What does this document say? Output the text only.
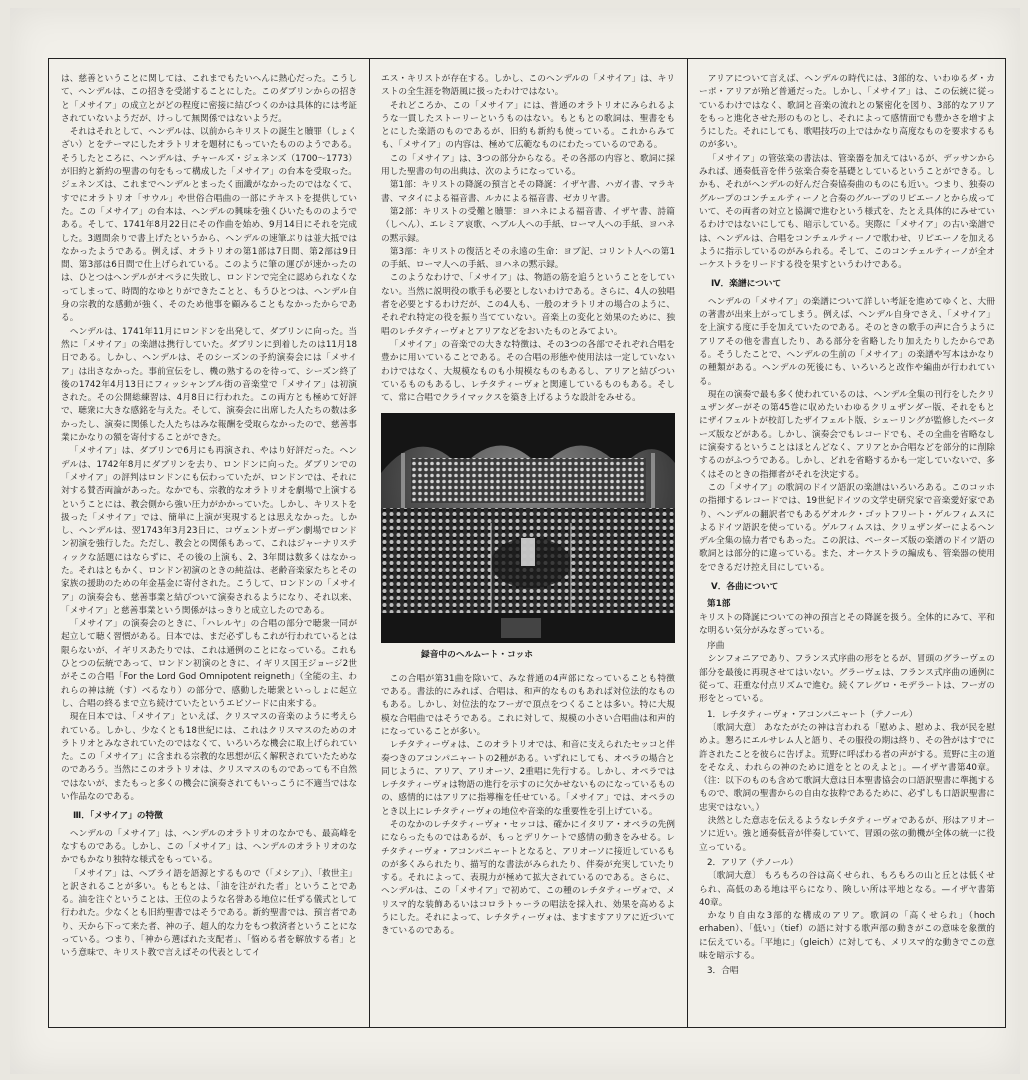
は、慈善ということに関しては、これまでもたいへんに熱心だった。こうして、ヘンデルは、この招きを受諾することにした。このダブリンからの招きと「メサイア」の成立とがどの程度に密接に結びつくのかは具体的には考証されていないようだが、けっして無関係ではないようだ。

それはそれとして、ヘンデルは、以前からキリストの誕生と贖罪（しょくざい）とをテーマにしたオラトリオを題材にもっていたもののようである。そうしたところに、ヘンデルは、チャールズ・ジェネンズ（1700〜1773）が旧約と新約の聖書の句をもって構成した「メサイア」の台本を受取った。ジェネンズは、これまでヘンデルとまったく面識がなかったのではなくて、すでにオラトリオ「サウル」や世俗合唱曲の一部にテキストを提供していた。この「メサイア」の台本は、ヘンデルの興味を強くひいたもののようである。そして、1741年8月22日にその作曲を始め、9月14日にそれを完成した。3週間余りで書上げたというから、ヘンデルの速筆ぶりは並大抵ではなかったようである。例えば、オラトリオの第1部は7日間、第2部は9日間、第3部は6日間で仕上げられている。このように筆の運びが速かったのは、ひとつはヘンデルがオペラに失敗し、ロンドンで完全に認められなくなってしまって、時間的なゆとりができたことと、もうひとつは、ヘンデル自身の宗教的な感動が強く、そのため他事を顧みることもなかったからである。

ヘンデルは、1741年11月にロンドンを出発して、ダブリンに向った。当然に「メサイア」の楽譜は携行していた。ダブリンに到着したのは11月18日である。しかし、ヘンデルは、そのシーズンの予約演奏会には「メサイア」は出さなかった。事前宣伝をし、機の熟するのを待って、シーズン終了後の1742年4月13日にフィッシャンブル街の音楽堂で「メサイア」は初演された。その公開総練習は、4月8日に行われた。この両方とも極めて好評で、聴衆に大きな感銘を与えた。そして、演奏会に出席した人たちの数は多かったし、演奏に関係した人たちはみな報酬を受取らなかったので、慈善事業にかなりの額を寄付することができた。

「メサイア」は、ダブリンで6月にも再演され、やはり好評だった。ヘンデルは、1742年8月にダブリンを去り、ロンドンに向った。ダブリンでの「メサイア」の評判はロンドンにも伝わっていたが、ロンドンでは、それに対する賛否両論があった。なかでも、宗教的なオラトリオを劇場で上演するということには、教会側から強い圧力がかかっていた。しかし、キリストを扱った「メサイア」では、簡単に上演が実現するとは思えなかった。しかし、ヘンデルは、翌1743年3月23日に、コヴェントガーデン劇場でロンドン初演を強行した。ただし、教会との関係もあって、これはジャーナリスティックな話題にはならずに、その後の上演も、2、3年間は数多くはなかった。それはともかく、ロンドン初演のときの純益は、老齢音楽家たちとその家族の援助のための年金基金に寄付された。こうして、ロンドンの「メサイア」の演奏会も、慈善事業と結びついて演奏されるようになり、それ以来、「メサイア」と慈善事業という関係がはっきりと成立したのである。

「メサイア」の演奏会のときに、「ハレルヤ」の合唱の部分で聴衆一同が起立して聴く習慣がある。日本では、まだ必ずしもこれが行われているとは限らないが、イギリスあたりでは、これは通例のことになっている。これもひとつの伝統であって、ロンドン初演のときに、イギリス国王ジョージ2世がそこの合唱「For the Lord God Omnipotent reigneth」（全能の主、われらの神は統（す）べるなり）の部分で、感動した聴衆といっしょに起立し、合唱の終るまで立ち続けていたというエピソードに由来する。

現在日本では、「メサイア」といえば、クリスマスの音楽のように考えられている。しかし、少なくとも18世紀には、これはクリスマスのためのオラトリオとみなされていたのではなくて、いろいろな機会に取上げられていた。この「メサイア」に含まれる宗教的な思想が広く解釈されていたためなのであろう。当然にこのオラトリオは、クリスマスのものであっても不自然ではないが、またもっと多くの機会に演奏されてもいっこうに不適当ではない作品なのである。

Ⅲ．「メサイア」の特徴

ヘンデルの「メサイア」は、ヘンデルのオラトリオのなかでも、最高峰をなすものである。しかし、この「メサイア」は、ヘンデルのオラトリオのなかでもかなり独特な様式をもっている。

「メサイア」は、ヘブライ語を語源とするもので（「メシア」）、「救世主」と訳されることが多い。もともとは、「油を注がれた者」ということである。油を注ぐということは、王位のような名誉ある地位に任ずる儀式として行われた。少なくとも旧約聖書ではそうである。新約聖書では、預言者であり、天から下って来た者、神の子、超人的な力をもつ救済者ということになっている。つまり、「神から選ばれた支配者」、「悩める者を解放する者」という意味で、キリスト教で言えばその代表としてイ

エス・キリストが存在する。しかし、このヘンデルの「メサイア」は、キリストの全生涯を物語風に扱ったわけではない。

それどころか、この「メサイア」には、普通のオラトリオにみられるような一貫したストーリーというものはない。もともとの歌詞は、聖書をもとにした楽語のものであるが、旧約も新約も使っている。これからみても、「メサイア」の内容は、極めて広範なものにわたっているのである。

この「メサイア」は、3つの部分からなる。その各部の内容と、歌詞に採用した聖書の句の出典は、次のようになっている。

第1部：キリストの降誕の預言とその降誕：イザヤ書、ハガイ書、マラキ書、マタイによる福音書、ルカによる福音書、ゼカリヤ書。

第2部：キリストの受難と贖罪：ヨハネによる福音書、イザヤ書、詩篇（しへん）、エレミア哀歌、ヘブル人への手紙、ローマ人への手紙、ヨハネの黙示録。

第3部：キリストの復活とその永遠の生命：ヨブ記、コリント人への第1の手紙、ローマ人への手紙、ヨハネの黙示録。

このようなわけで、「メサイア」は、物語の筋を追うということをしていない。当然に説明役の歌手も必要としないわけである。さらに、4人の独唱者を必要とするわけだが、この4人も、一般のオラトリオの場合のように、それぞれ特定の役を振り当てていない。音楽上の変化と効果のために、独唱のレチタティーヴォとアリアなどをおいたものとみてよい。

「メサイア」の音楽での大きな特徴は、その3つの各部でそれぞれ合唱を豊かに用いていることである。その合唱の形態や使用法は一定していないわけではなく、大規模なものも小規模なものもあるし、アリアと結びついているものもあるし、レチタティーヴォと関連しているものもある。そして、常に合唱でクライマックスを築き上げるような設計をみせる。

録音中のヘルムート・コッホ

この合唱が第31曲を除いて、みな普通の4声部になっていることも特徴である。書法的にみれば、合唱は、和声的なものもあれば対位法的なものもある。しかし、対位法的なフーガで頂点をつくることは多い。特に大規模な合唱曲ではそうである。これに対して、規模の小さい合唱曲は和声的になっていることが多い。

レチタティーヴォは、このオラトリオでは、和音に支えられたセッコと伴奏つきのアコンパニャートの2種がある。いずれにしても、オペラの場合と同じように、アリア、アリオーソ、2重唱に先行する。しかし、オペラではレチタティーヴォは物語の進行を示すのに欠かせないものになっているものの、感情的にはアリアに指導権を任せている。「メサイア」では、オペラのとき以上にレチタティーヴォの地位や音楽的な重要性を引上げている。

そのなかのレチタティーヴォ・セッコは、確かにイタリア・オペラの先例にならったものではあるが、もっとデリケートで感情の動きをみせる。レチタティーヴォ・アコンパニャートとなると、アリオーソに接近しているものが多くみられたり、描写的な書法がみられたり、伴奏が充実していたりする。それによって、表現力が極めて拡大されているのである。さらに、ヘンデルは、この「メサイア」で初めて、この種のレチタティーヴォで、メリスマ的な装飾あるいはコロラトゥーラの唱法を採入れ、効果を高めるようにした。それによって、レチタティーヴォは、ますますアリアに近づいてきているのである。

アリアについて言えば、ヘンデルの時代には、3部的な、いわゆるダ・カーポ・アリアが殆ど普通だった。しかし、「メサイア」は、この伝統に従っているわけではなく、歌詞と音楽の流れとの緊密化を図り、3部的なアリアをもっと進化させた形のものとし、それによって感情面でも豊かさを増すようにした。それにしても、歌唱技巧の上ではかなり高度なものを要求するものが多い。

「メサイア」の管弦楽の書法は、管楽器を加えてはいるが、デッサンからみれば、通奏低音を伴う弦楽合奏を基礎としているということができる。しかも、それがヘンデルの好んだ合奏協奏曲のものにも近い。つまり、独奏のグループのコンチェルティーノと合奏のグループのリピエーノとから成っていて、その両者の対立と協調で進むという様式を、たとえ具体的にみせているわけではないにしても、暗示している。実際に「メサイア」の古い楽譜では、ヘンデルは、合唱をコンチェルティーノで歌わせ、リピエーノを加えるように指示しているのがみられる。そして、このコンチェルティーノが全オーケストラをリードする役を果すというわけである。

Ⅳ．楽譜について

ヘンデルの「メサイア」の楽譜について詳しい考証を進めてゆくと、大冊の著書が出来上がってしまう。例えば、ヘンデル自身でさえ、「メサイア」を上演する度に手を加えていたのである。そのときの歌手の声に合うようにアリアその他を書直したり、ある部分を省略したり加えたりしたからである。そうしたことで、ヘンデルの生前の「メサイア」の楽譜や写本はかなりの種類がある。ヘンデルの死後にも、いろいろと改作や編曲が行われている。

現在の演奏で最も多く使われているのは、ヘンデル全集の刊行をしたクリュザンダーがその第45巻に収めたいわゆるクリュザンダー版、それをもとにザイフェルトが校訂したザイフェルト版、シェーリングが監修したペーターズ版などがある。しかし、演奏会でもレコードでも、その全曲を省略なしに演奏するということはほとんどなく、アリアとか合唱などを部分的に削除するのがふつうである。しかし、どれを省略するかも一定していないで、多くはそのときの指揮者がそれを決定する。

この「メサイア」の歌詞のドイツ語訳の楽譜はいろいろある。このコッホの指揮するレコードでは、19世紀ドイツの文学史研究家で音楽愛好家であり、ヘンデルの翻訳者でもあるゲオルク・ゴットフリート・ゲルフィムスによるドイツ語訳を使っている。ゲルフィムスは、クリュザンダーによるヘンデル全集の協力者でもあった。この訳は、ペーターズ版の楽譜のドイツ語の歌詞とは部分的に違っている。また、オーケストラの編成も、管楽器の使用をできるだけ控え目にしている。

Ⅴ．各曲について
第1部

キリストの降誕についての神の預言とその降誕を扱う。全体的にみて、平和な明るい気分がみなぎっている。

序曲

シンフォニアであり、フランス式序曲の形をとるが、冒頭のグラーヴェの部分を最後に再現させてはいない。グラーヴェは、フランス式序曲の通例に従って、荘重な付点リズムで進む。続くアレグロ・モデラートは、フーガの形をとっている。

1．レチタティーヴォ・アコンパニャート（テノール）

〔歌詞大意〕 あなたがたの神は言われる「慰めよ、慰めよ、我が民を慰めよ。懇ろにエルサレム人と語り、その服役の期は終り、その咎がはすでに許されたことを彼らに告げよ。荒野に呼ばわる者の声がする。荒野に主の道をそなえ、われらの神のために道をととのえよと」。—イザヤ書第40章。（注：以下のものも含めて歌詞大意は日本聖書協会の口語訳聖書に準拠するもので、歌詞の聖書からの自由な抜粋であるために、必ずしも口語訳聖書に忠実ではない。）

決然とした意志を伝えるようなレチタティーヴォであるが、形はアリオーソに近い。強と通奏低音が伴奏していて、冒頭の弦の動機が全体の統一に役立っている。

2．アリア（テノール）

〔歌詞大意〕 もろもろの谷は高くせられ、もろもろの山と丘とは低くせられ、高低のある地は平らになり、険しい所は平地となる。—イザヤ書第40章。

かなり自由な3部的な構成のアリア。歌詞の「高くせられ」（hoch erhaben）、「低い」（tief）の語に対する歌声部の動きがこの意味を象徴的に伝えている。「平地に」（gleich）に対しても、メリスマ的な動きでこの意味を暗示する。

3．合唱
